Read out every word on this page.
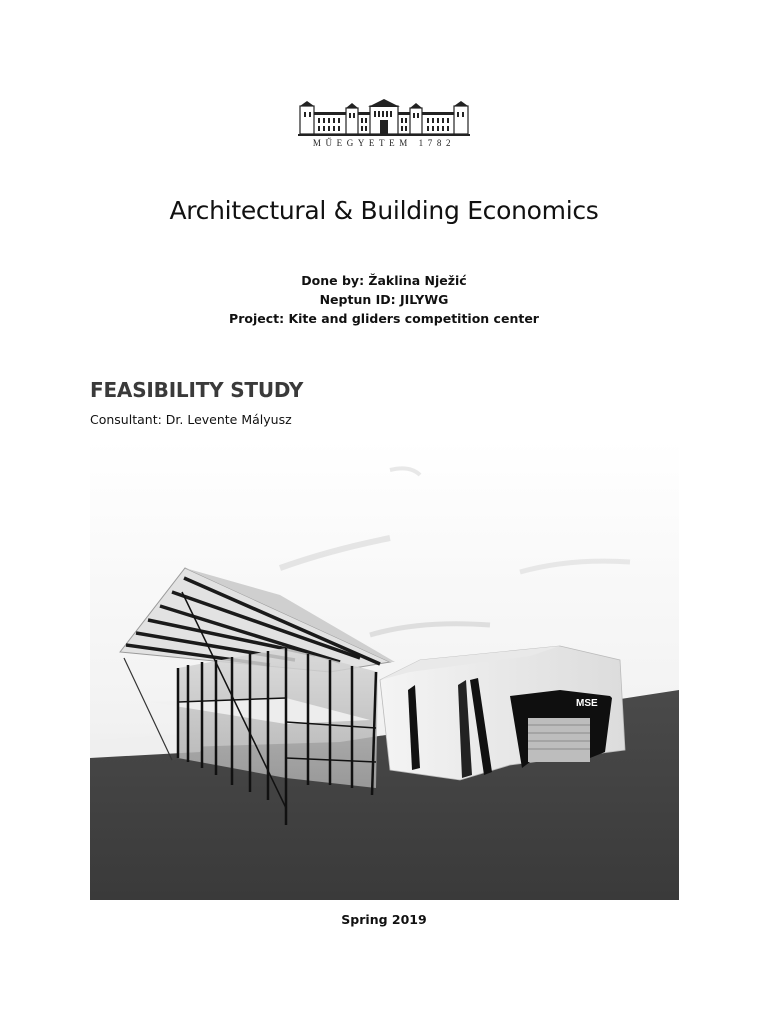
MŰEGYETEM 1782
Architectural & Building Economics
Done by: Žaklina Nježić
Neptun ID: JILYWG
Project: Kite and gliders competition center
FEASIBILITY STUDY
Consultant: Dr. Levente Mályusz
MSE
Spring 2019
